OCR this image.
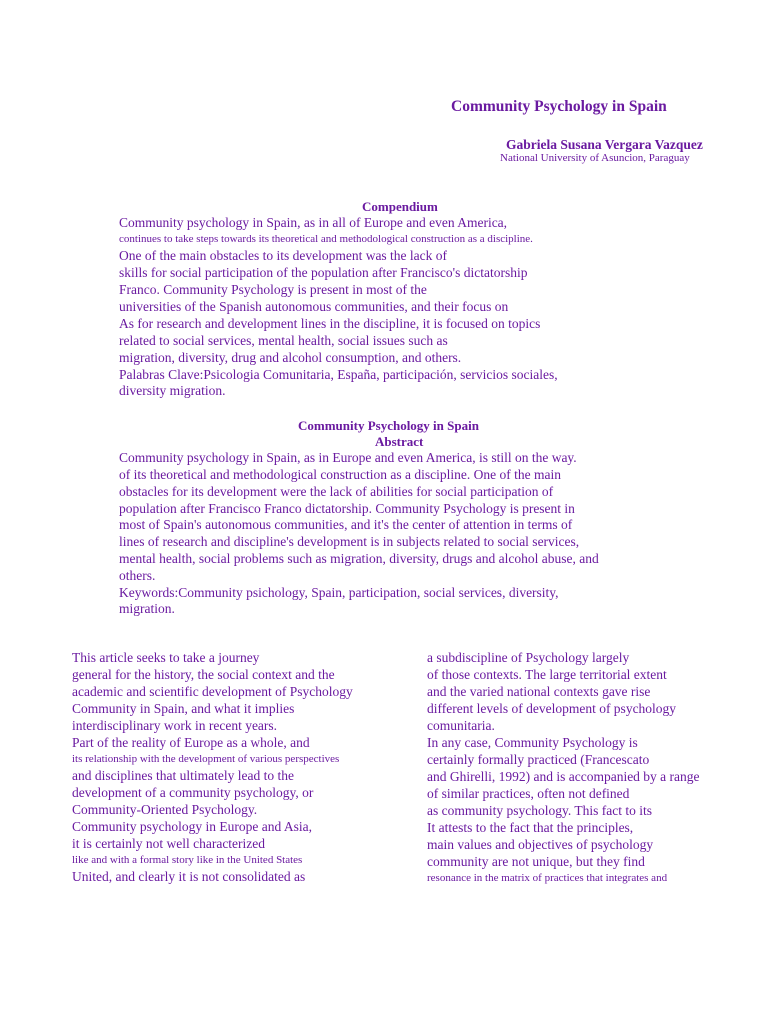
Community Psychology in Spain
Gabriela Susana Vergara Vazquez
National University of Asuncion, Paraguay
Compendium
Community psychology in Spain, as in all of Europe and even America,
continues to take steps towards its theoretical and methodological construction as a discipline.
One of the main obstacles to its development was the lack of
skills for social participation of the population after Francisco's dictatorship
Franco. Community Psychology is present in most of the
universities of the Spanish autonomous communities, and their focus on
As for research and development lines in the discipline, it is focused on topics
related to social services, mental health, social issues such as
migration, diversity, drug and alcohol consumption, and others.
Palabras Clave:Psicologia Comunitaria, España, participación, servicios sociales,
diversity migration.
Community Psychology in Spain
Abstract
Community psychology in Spain, as in Europe and even America, is still on the way.
of its theoretical and methodological construction as a discipline. One of the main
obstacles for its development were the lack of abilities for social participation of
population after Francisco Franco dictatorship. Community Psychology is present in
most of Spain's autonomous communities, and it's the center of attention in terms of
lines of research and discipline's development is in subjects related to social services,
mental health, social problems such as migration, diversity, drugs and alcohol abuse, and
others.
Keywords:Community psichology, Spain, participation, social services, diversity,
migration.
This article seeks to take a journey
general for the history, the social context and the
academic and scientific development of Psychology
Community in Spain, and what it implies
interdisciplinary work in recent years.
Part of the reality of Europe as a whole, and
its relationship with the development of various perspectives
and disciplines that ultimately lead to the
development of a community psychology, or
Community-Oriented Psychology.
Community psychology in Europe and Asia,
it is certainly not well characterized
like and with a formal story like in the United States
United, and clearly it is not consolidated as
a subdiscipline of Psychology largely
of those contexts. The large territorial extent
and the varied national contexts gave rise
different levels of development of psychology
comunitaria.
In any case, Community Psychology is
certainly formally practiced (Francescato
and Ghirelli, 1992) and is accompanied by a range
of similar practices, often not defined
as community psychology. This fact to its
It attests to the fact that the principles,
main values and objectives of psychology
community are not unique, but they find
resonance in the matrix of practices that integrates and
